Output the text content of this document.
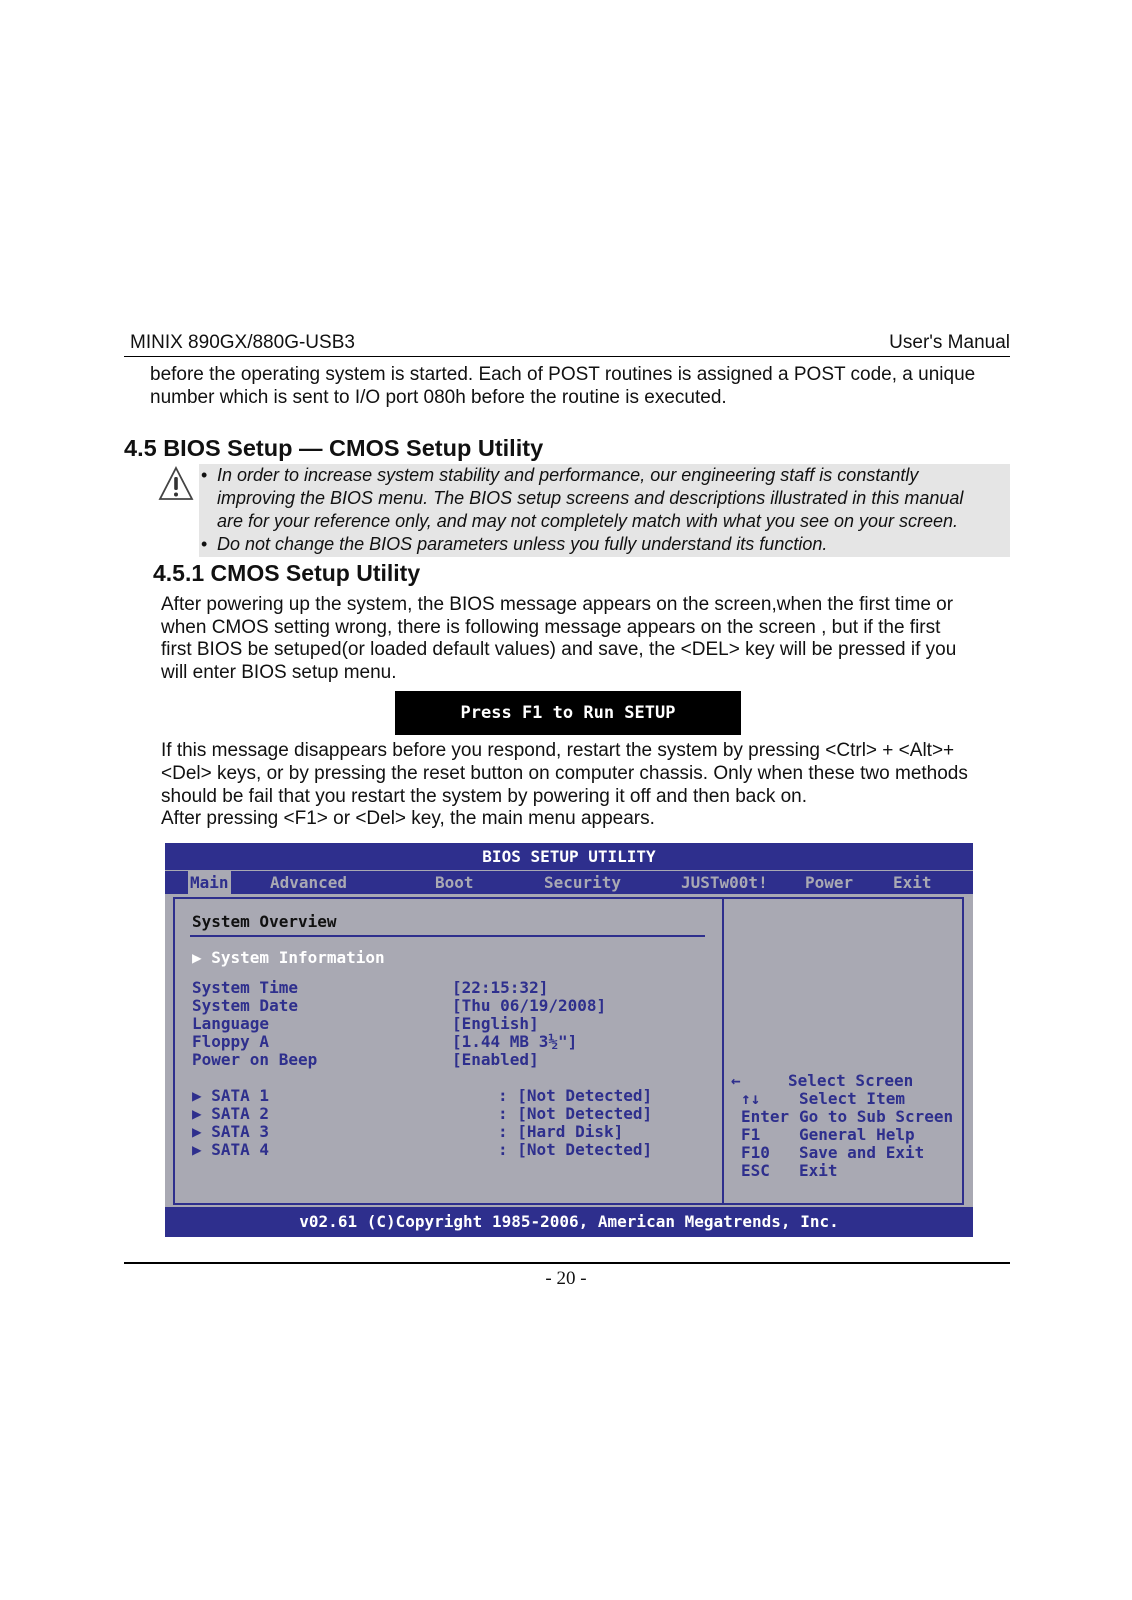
MINIX 890GX/880G-USB3	User's Manual

before the operating system is started. Each of POST routines is assigned a POST code, a unique

number which is sent to I/O port 080h before the routine is executed.

4.5 BIOS Setup — CMOS Setup Utility
• In order to increase system stability and performance, our engineering staff is constantly
improving the BIOS menu. The BIOS setup screens and descriptions illustrated in this manual
are for your reference only, and may not completely match with what you see on your screen.
• Do not change the BIOS parameters unless you fully understand its function.
4.5.1 CMOS Setup Utility

After powering up the system, the BIOS message appears on the screen,when the first time or

when CMOS setting wrong, there is following message appears on the screen , but if the first

first BIOS be setuped(or loaded default values) and save, the <DEL> key will be pressed if you

will enter BIOS setup menu.

Press F1 to Run SETUP

If this message disappears before you respond, restart the system by pressing <Ctrl> + <Alt>+

<Del> keys, or by pressing the reset button on computer chassis. Only when these two methods

should be fail that you restart the system by powering it off and then back on.

After pressing <F1> or <Del> key, the main menu appears.

BIOS SETUP UTILITY
Main	Advanced	Boot	Security	JUSTw00t! Power Exit
System Overview
▶ System Information
System Time	[22:15:32]
System Date	[Thu 06/19/2008]
Language	[English]
Floppy A	[1.44 MB 3½"]
Power on Beep	[Enabled]
▶ SATA 1	: [Not Detected]
▶ SATA 2	: [Not Detected]
▶ SATA 3	: [Hard Disk]
▶ SATA 4	: [Not Detected]
←	Select Screen
↑↓ Select Item
Enter Go to Sub Screen
F1 General Help
F10 Save and Exit
ESC Exit
v02.61 (C)Copyright 1985-2006, American Megatrends, Inc.
- 20 -
